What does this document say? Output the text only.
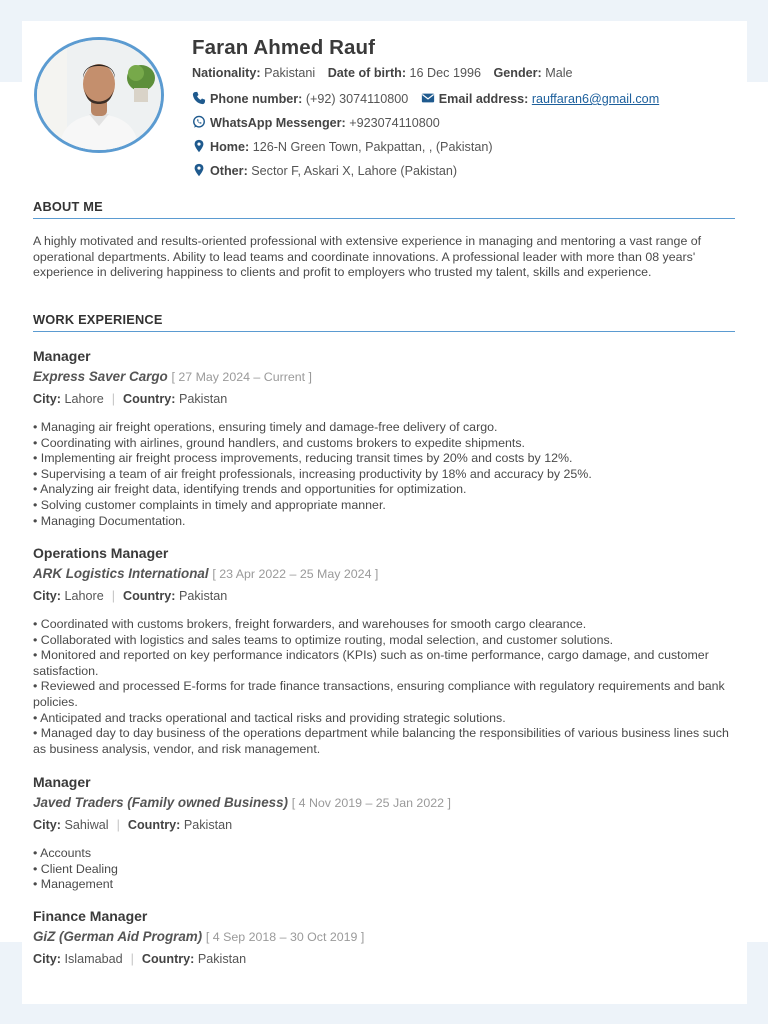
Faran Ahmed Rauf
Nationality: Pakistani Date of birth: 16 Dec 1996 Gender: Male
Phone number: (+92) 3074110800 Email address: rauffaran6@gmail.com
WhatsApp Messenger: +923074110800
Home: 126-N Green Town, Pakpattan, , (Pakistan)
Other: Sector F, Askari X, Lahore (Pakistan)
ABOUT ME
A highly motivated and results-oriented professional with extensive experience in managing and mentoring a vast range of operational departments. Ability to lead teams and coordinate innovations. A professional leader with more than 08 years' experience in delivering happiness to clients and profit to employers who trusted my talent, skills and experience.
WORK EXPERIENCE
Manager
Express Saver Cargo [ 27 May 2024 – Current ]
City: Lahore | Country: Pakistan
• Managing air freight operations, ensuring timely and damage-free delivery of cargo.
• Coordinating with airlines, ground handlers, and customs brokers to expedite shipments.
• Implementing air freight process improvements, reducing transit times by 20% and costs by 12%.
• Supervising a team of air freight professionals, increasing productivity by 18% and accuracy by 25%.
• Analyzing air freight data, identifying trends and opportunities for optimization.
• Solving customer complaints in timely and appropriate manner.
• Managing Documentation.
Operations Manager
ARK Logistics International [ 23 Apr 2022 – 25 May 2024 ]
City: Lahore | Country: Pakistan
• Coordinated with customs brokers, freight forwarders, and warehouses for smooth cargo clearance.
• Collaborated with logistics and sales teams to optimize routing, modal selection, and customer solutions.
• Monitored and reported on key performance indicators (KPIs) such as on-time performance, cargo damage, and customer satisfaction.
• Reviewed and processed E-forms for trade finance transactions, ensuring compliance with regulatory requirements and bank policies.
• Anticipated and tracks operational and tactical risks and providing strategic solutions.
• Managed day to day business of the operations department while balancing the responsibilities of various business lines such as business analysis, vendor, and risk management.
Manager
Javed Traders (Family owned Business) [ 4 Nov 2019 – 25 Jan 2022 ]
City: Sahiwal | Country: Pakistan
• Accounts
• Client Dealing
• Management
Finance Manager
GiZ (German Aid Program) [ 4 Sep 2018 – 30 Oct 2019 ]
City: Islamabad | Country: Pakistan
